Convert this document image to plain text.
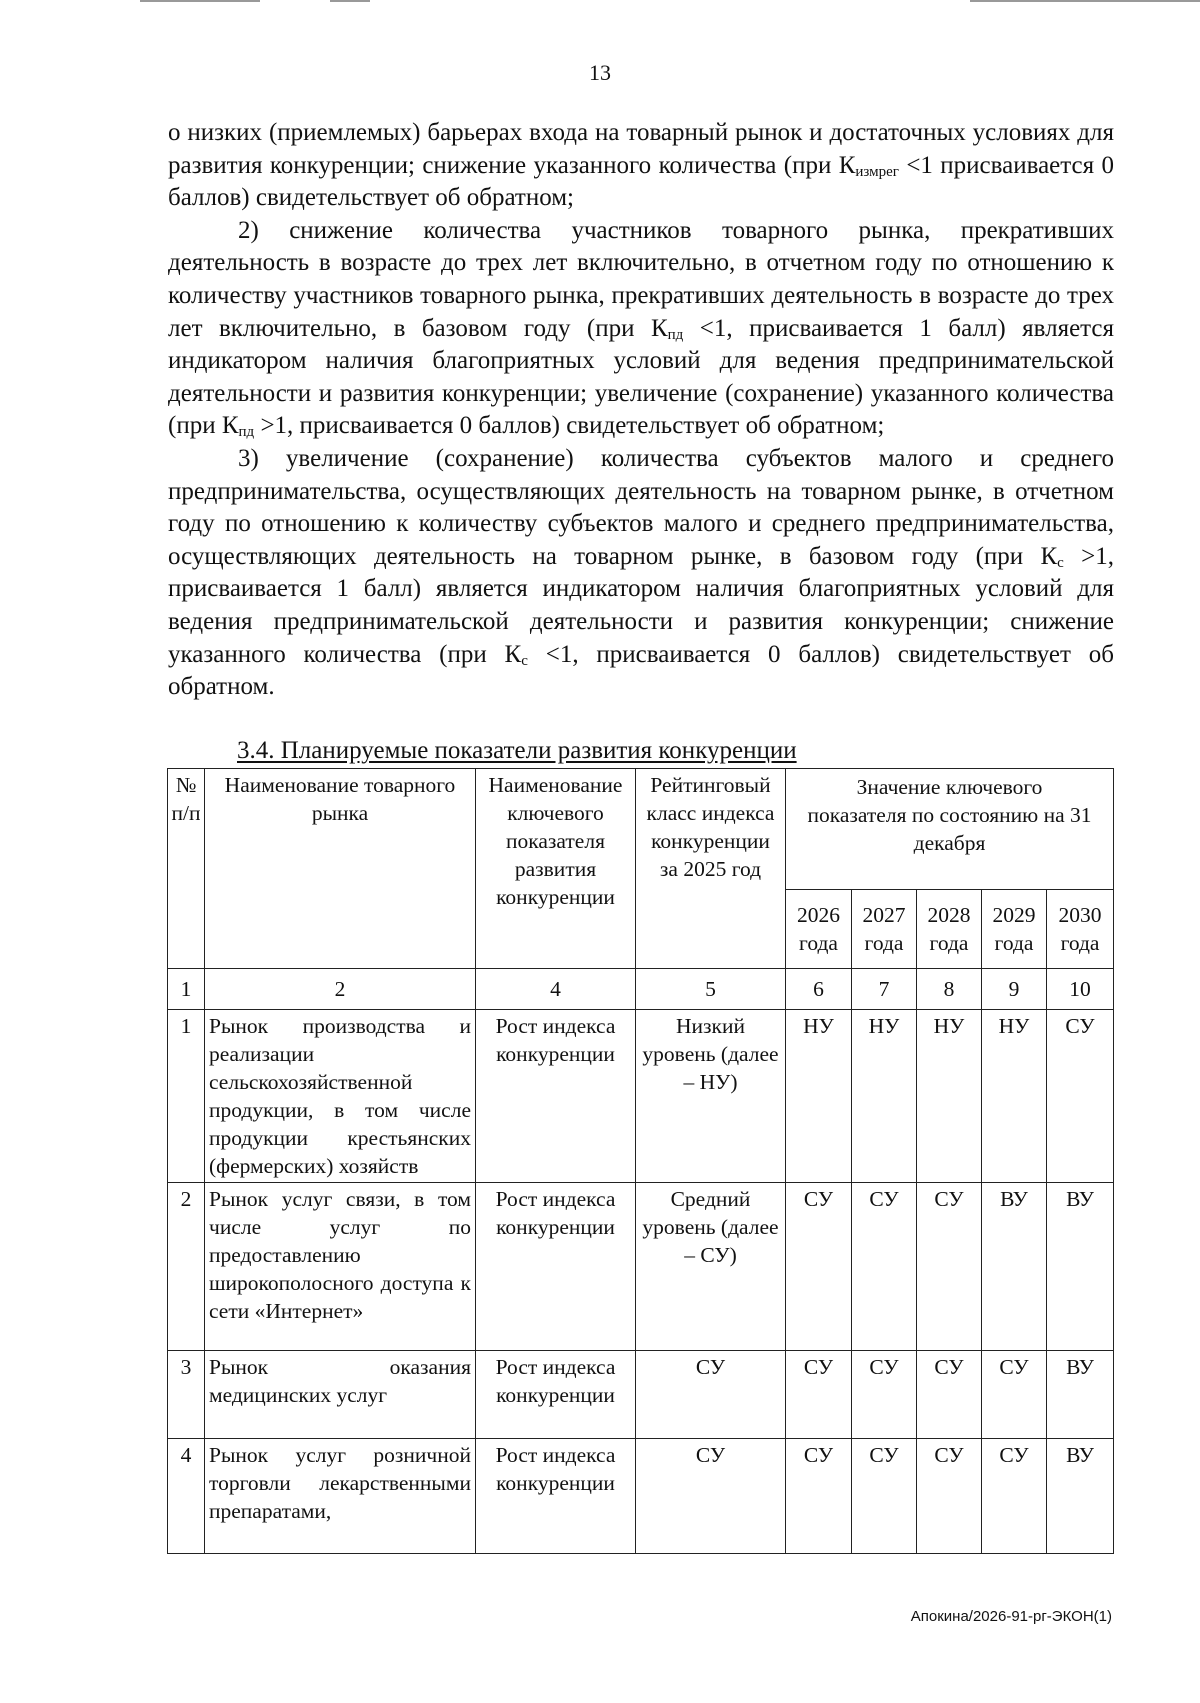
13

о низких (приемлемых) барьерах входа на товарный рынок и достаточных условиях для развития конкуренции; снижение указанного количества (при $К_{измрег} <1$ присваивается 0 баллов) свидетельствует об обратном;

2) снижение количества участников товарного рынка, прекративших деятельность в возрасте до трех лет включительно, в отчетном году по отношению к количеству участников товарного рынка, прекративших деятельность в возрасте до трех лет включительно, в базовом году (при $К_{пд} <1$, присваивается 1 балл) является индикатором наличия благоприятных условий для ведения предпринимательской деятельности и развития конкуренции; увеличение (сохранение) указанного количества (при $К_{пд} >1$, присваивается 0 баллов) свидетельствует об обратном;

3) увеличение (сохранение) количества субъектов малого и среднего предпринимательства, осуществляющих деятельность на товарном рынке, в отчетном году по отношению к количеству субъектов малого и среднего предпринимательства, осуществляющих деятельность на товарном рынке, в базовом году (при $К_с >1$, присваивается 1 балл) является индикатором наличия благоприятных условий для ведения предпринимательской деятельности и развития конкуренции; снижение указанного количества (при $К_с <1$, присваивается 0 баллов) свидетельствует об обратном.

3.4. Планируемые показатели развития конкуренции
№ п/п	Наименование товарного рынка	Наименование ключевого показателя развития конкуренции	Рейтинговый класс индекса конкуренции за 2025 год	Значение ключевого показателя по состоянию на 31 декабря				
				2026 года	2027 года	2028 года	2029 года	2030 года
1	2	4	5	6	7	8	9	10
1	Рынок производства и реализации сельскохозяйственной продукции, в том числе продукции крестьянских (фермерских) хозяйств	Рост индекса конкуренции	Низкий уровень (далее – НУ)	НУ	НУ	НУ	НУ	СУ
2	Рынок услуг связи, в том числе услуг по предоставлению широкополосного доступа к сети «Интернет»	Рост индекса конкуренции	Средний уровень (далее – СУ)	СУ	СУ	СУ	ВУ	ВУ
3	Рынок оказания медицинских услуг	Рост индекса конкуренции	СУ	СУ	СУ	СУ	СУ	ВУ
4	Рынок услуг розничной торговли лекарственными препаратами,	Рост индекса конкуренции	СУ	СУ	СУ	СУ	СУ	ВУ
Апокина/2026-91-рг-ЭКОН(1)
